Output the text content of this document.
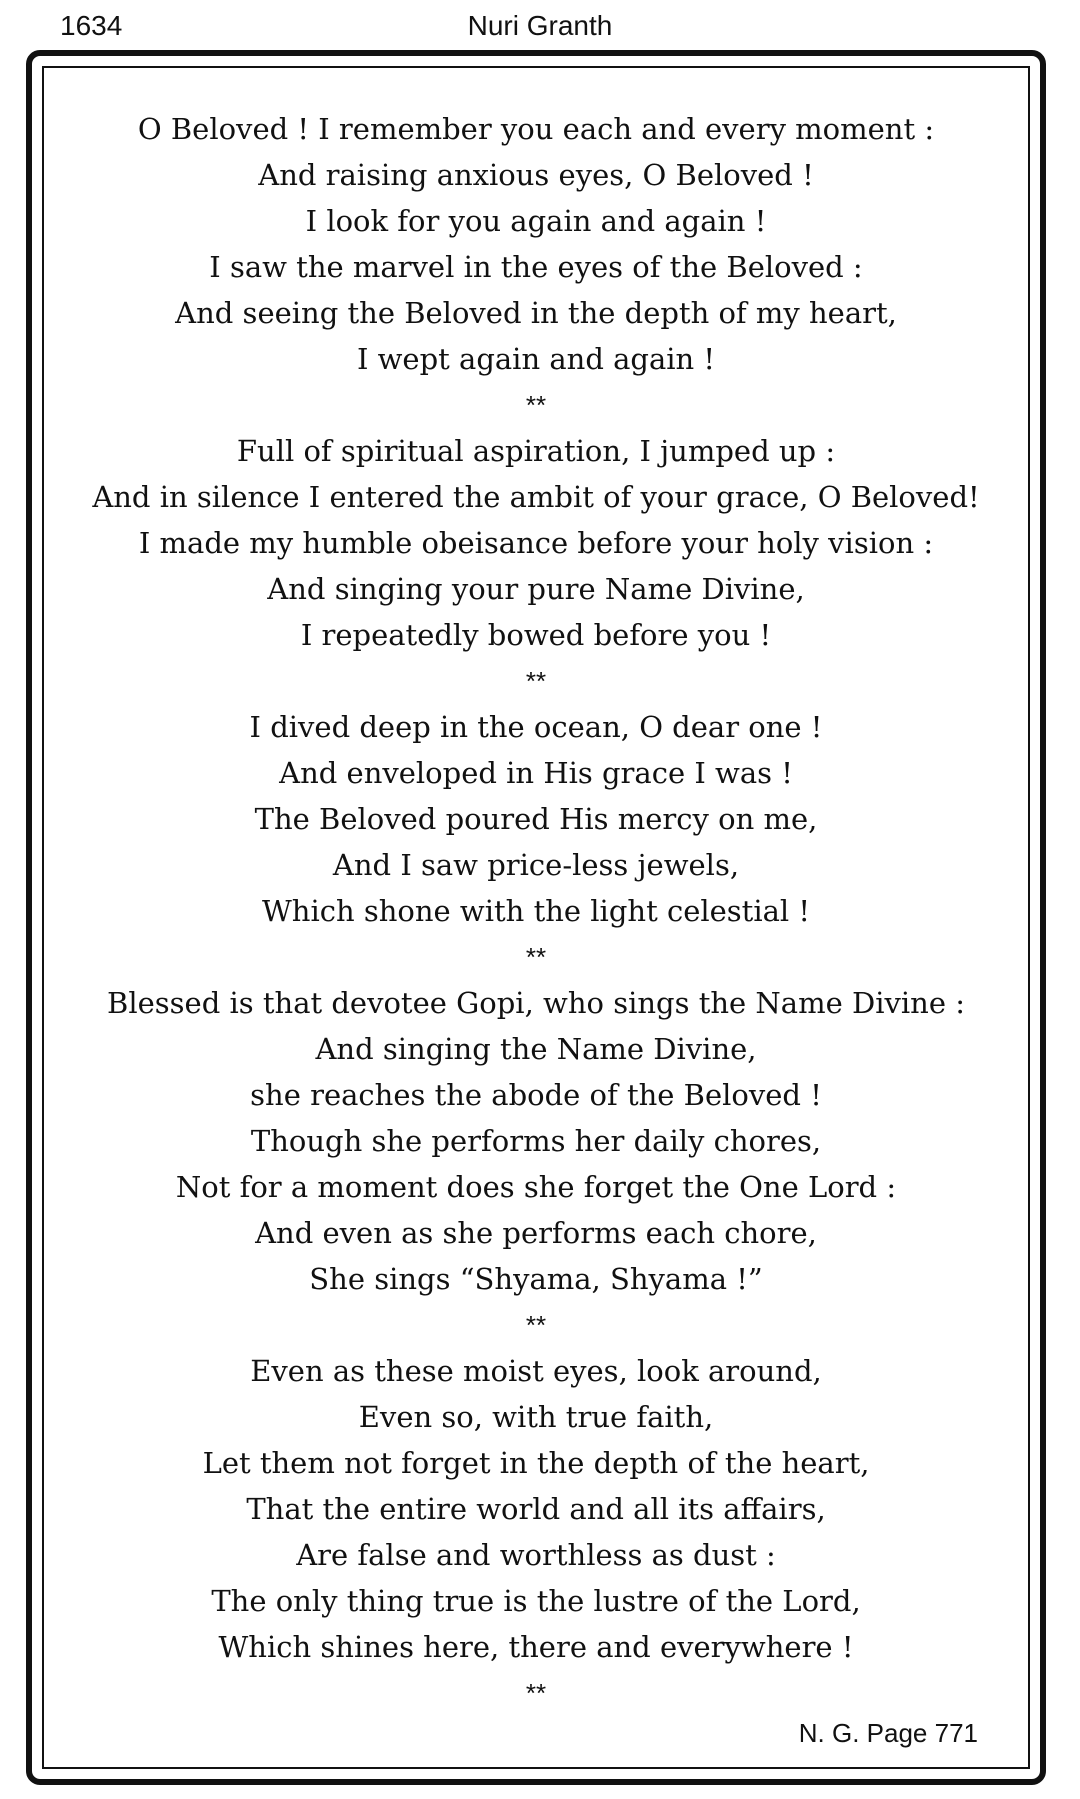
1634	Nuri Granth
O Beloved ! I remember you each and every moment :
And raising anxious eyes, O Beloved !
I look for you again and again !
I saw the marvel in the eyes of the Beloved :
And seeing the Beloved in the depth of my heart,
I wept again and again !
**
Full of spiritual aspiration, I jumped up :
And in silence I entered the ambit of your grace, O Beloved!
I made my humble obeisance before your holy vision :
And singing your pure Name Divine,
I repeatedly bowed before you !
**
I dived deep in the ocean, O dear one !
And enveloped in His grace I was !
The Beloved poured His mercy on me,
And I saw price-less jewels,
Which shone with the light celestial !
**
Blessed is that devotee Gopi, who sings the Name Divine :
And singing the Name Divine,
she reaches the abode of the Beloved !
Though she performs her daily chores,
Not for a moment does she forget the One Lord :
And even as she performs each chore,
She sings “Shyama, Shyama !”
**
Even as these moist eyes, look around,
Even so, with true faith,
Let them not forget in the depth of the heart,
That the entire world and all its affairs,
Are false and worthless as dust :
The only thing true is the lustre of the Lord,
Which shines here, there and everywhere !
**
N. G. Page 771
